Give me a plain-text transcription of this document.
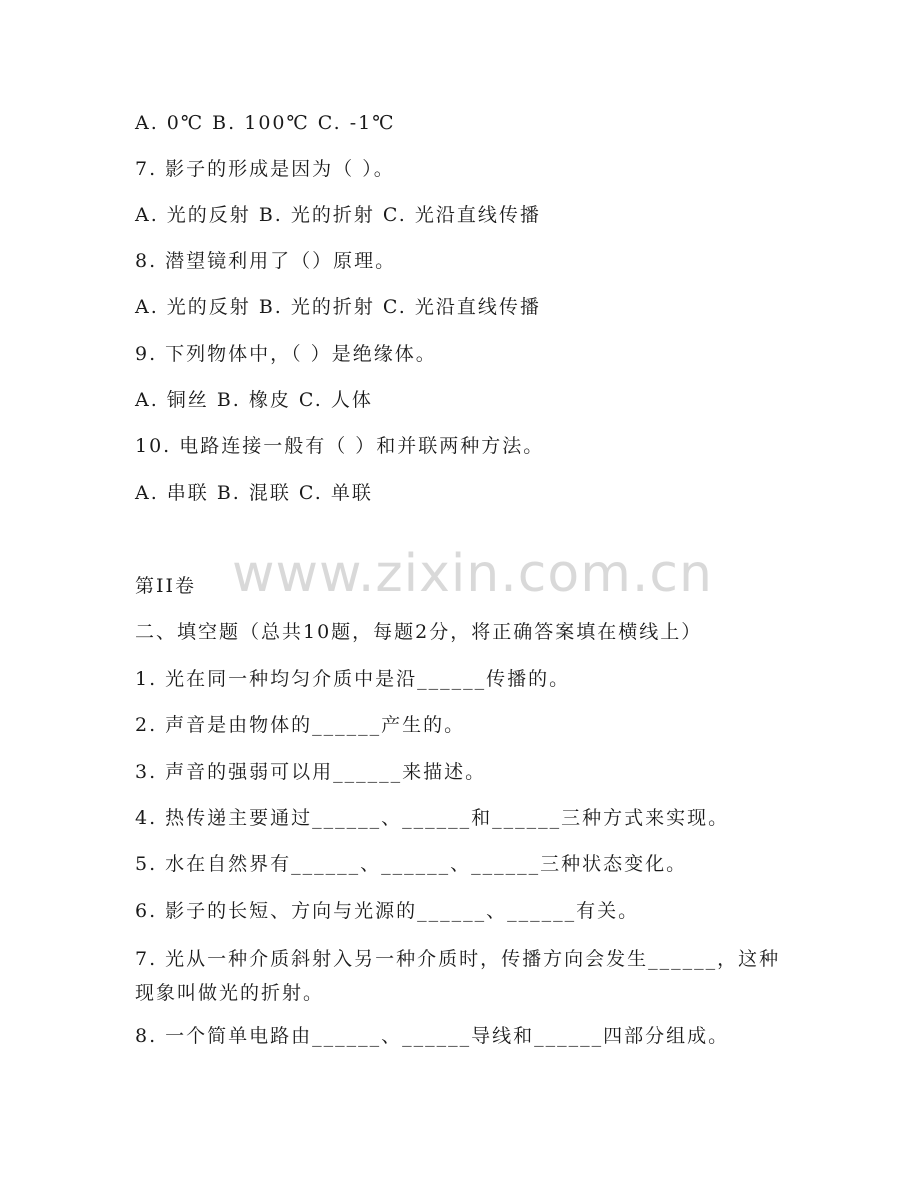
www.zixin.com.cn
A. 0℃ B. 100℃ C. -1℃
7. 影子的形成是因为（ ）。
A. 光的反射 B. 光的折射 C. 光沿直线传播
8. 潜望镜利用了（）原理。
A. 光的反射 B. 光的折射 C. 光沿直线传播
9. 下列物体中，（ ）是绝缘体。
A. 铜丝 B. 橡皮 C. 人体
10. 电路连接一般有（ ）和并联两种方法。
A. 串联 B. 混联 C. 单联
第II卷
二、填空题（总共10题，每题2分，将正确答案填在横线上）
1. 光在同一种均匀介质中是沿______传播的。
2. 声音是由物体的______产生的。
3. 声音的强弱可以用______来描述。
4. 热传递主要通过______、______和______三种方式来实现。
5. 水在自然界有______、______、______三种状态变化。
6. 影子的长短、方向与光源的______、______有关。
7. 光从一种介质斜射入另一种介质时，传播方向会发生______，这种现象叫做光的折射。
8. 一个简单电路由______、______导线和______四部分组成。
